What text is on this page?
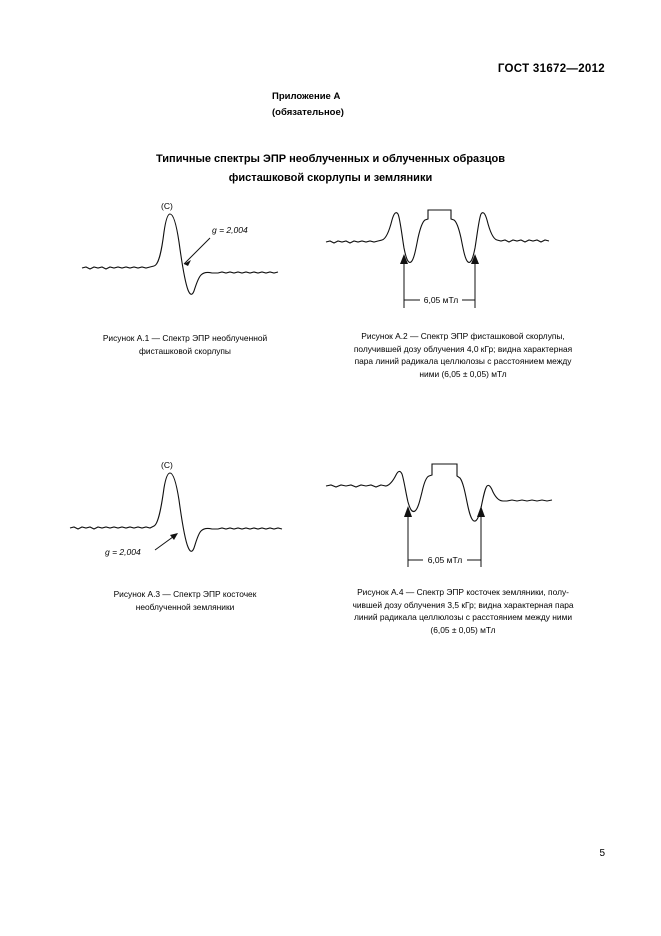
ГОСТ 31672—2012
Приложение А
(обязательное)
Типичные спектры ЭПР необлученных и облученных образцов
фисташковой скорлупы и земляники
(C)
g = 2,004
Рисунок А.1 — Спектр ЭПР необлученной
фисташковой скорлупы
6,05 мТл
Рисунок А.2 — Спектр ЭПР фисташковой скорлупы,
получившей дозу облучения 4,0 кГр; видна характерная
пара линий радикала целлюлозы с расстоянием между
ними (6,05 ± 0,05) мТл
(C)
g = 2,004
Рисунок А.3 — Спектр ЭПР косточек
необлученной земляники
6,05 мТл
Рисунок А.4 — Спектр ЭПР косточек земляники, полу-
чившей дозу облучения 3,5 кГр; видна характерная пара
линий радикала целлюлозы с расстоянием между ними
(6,05 ± 0,05) мТл
5
